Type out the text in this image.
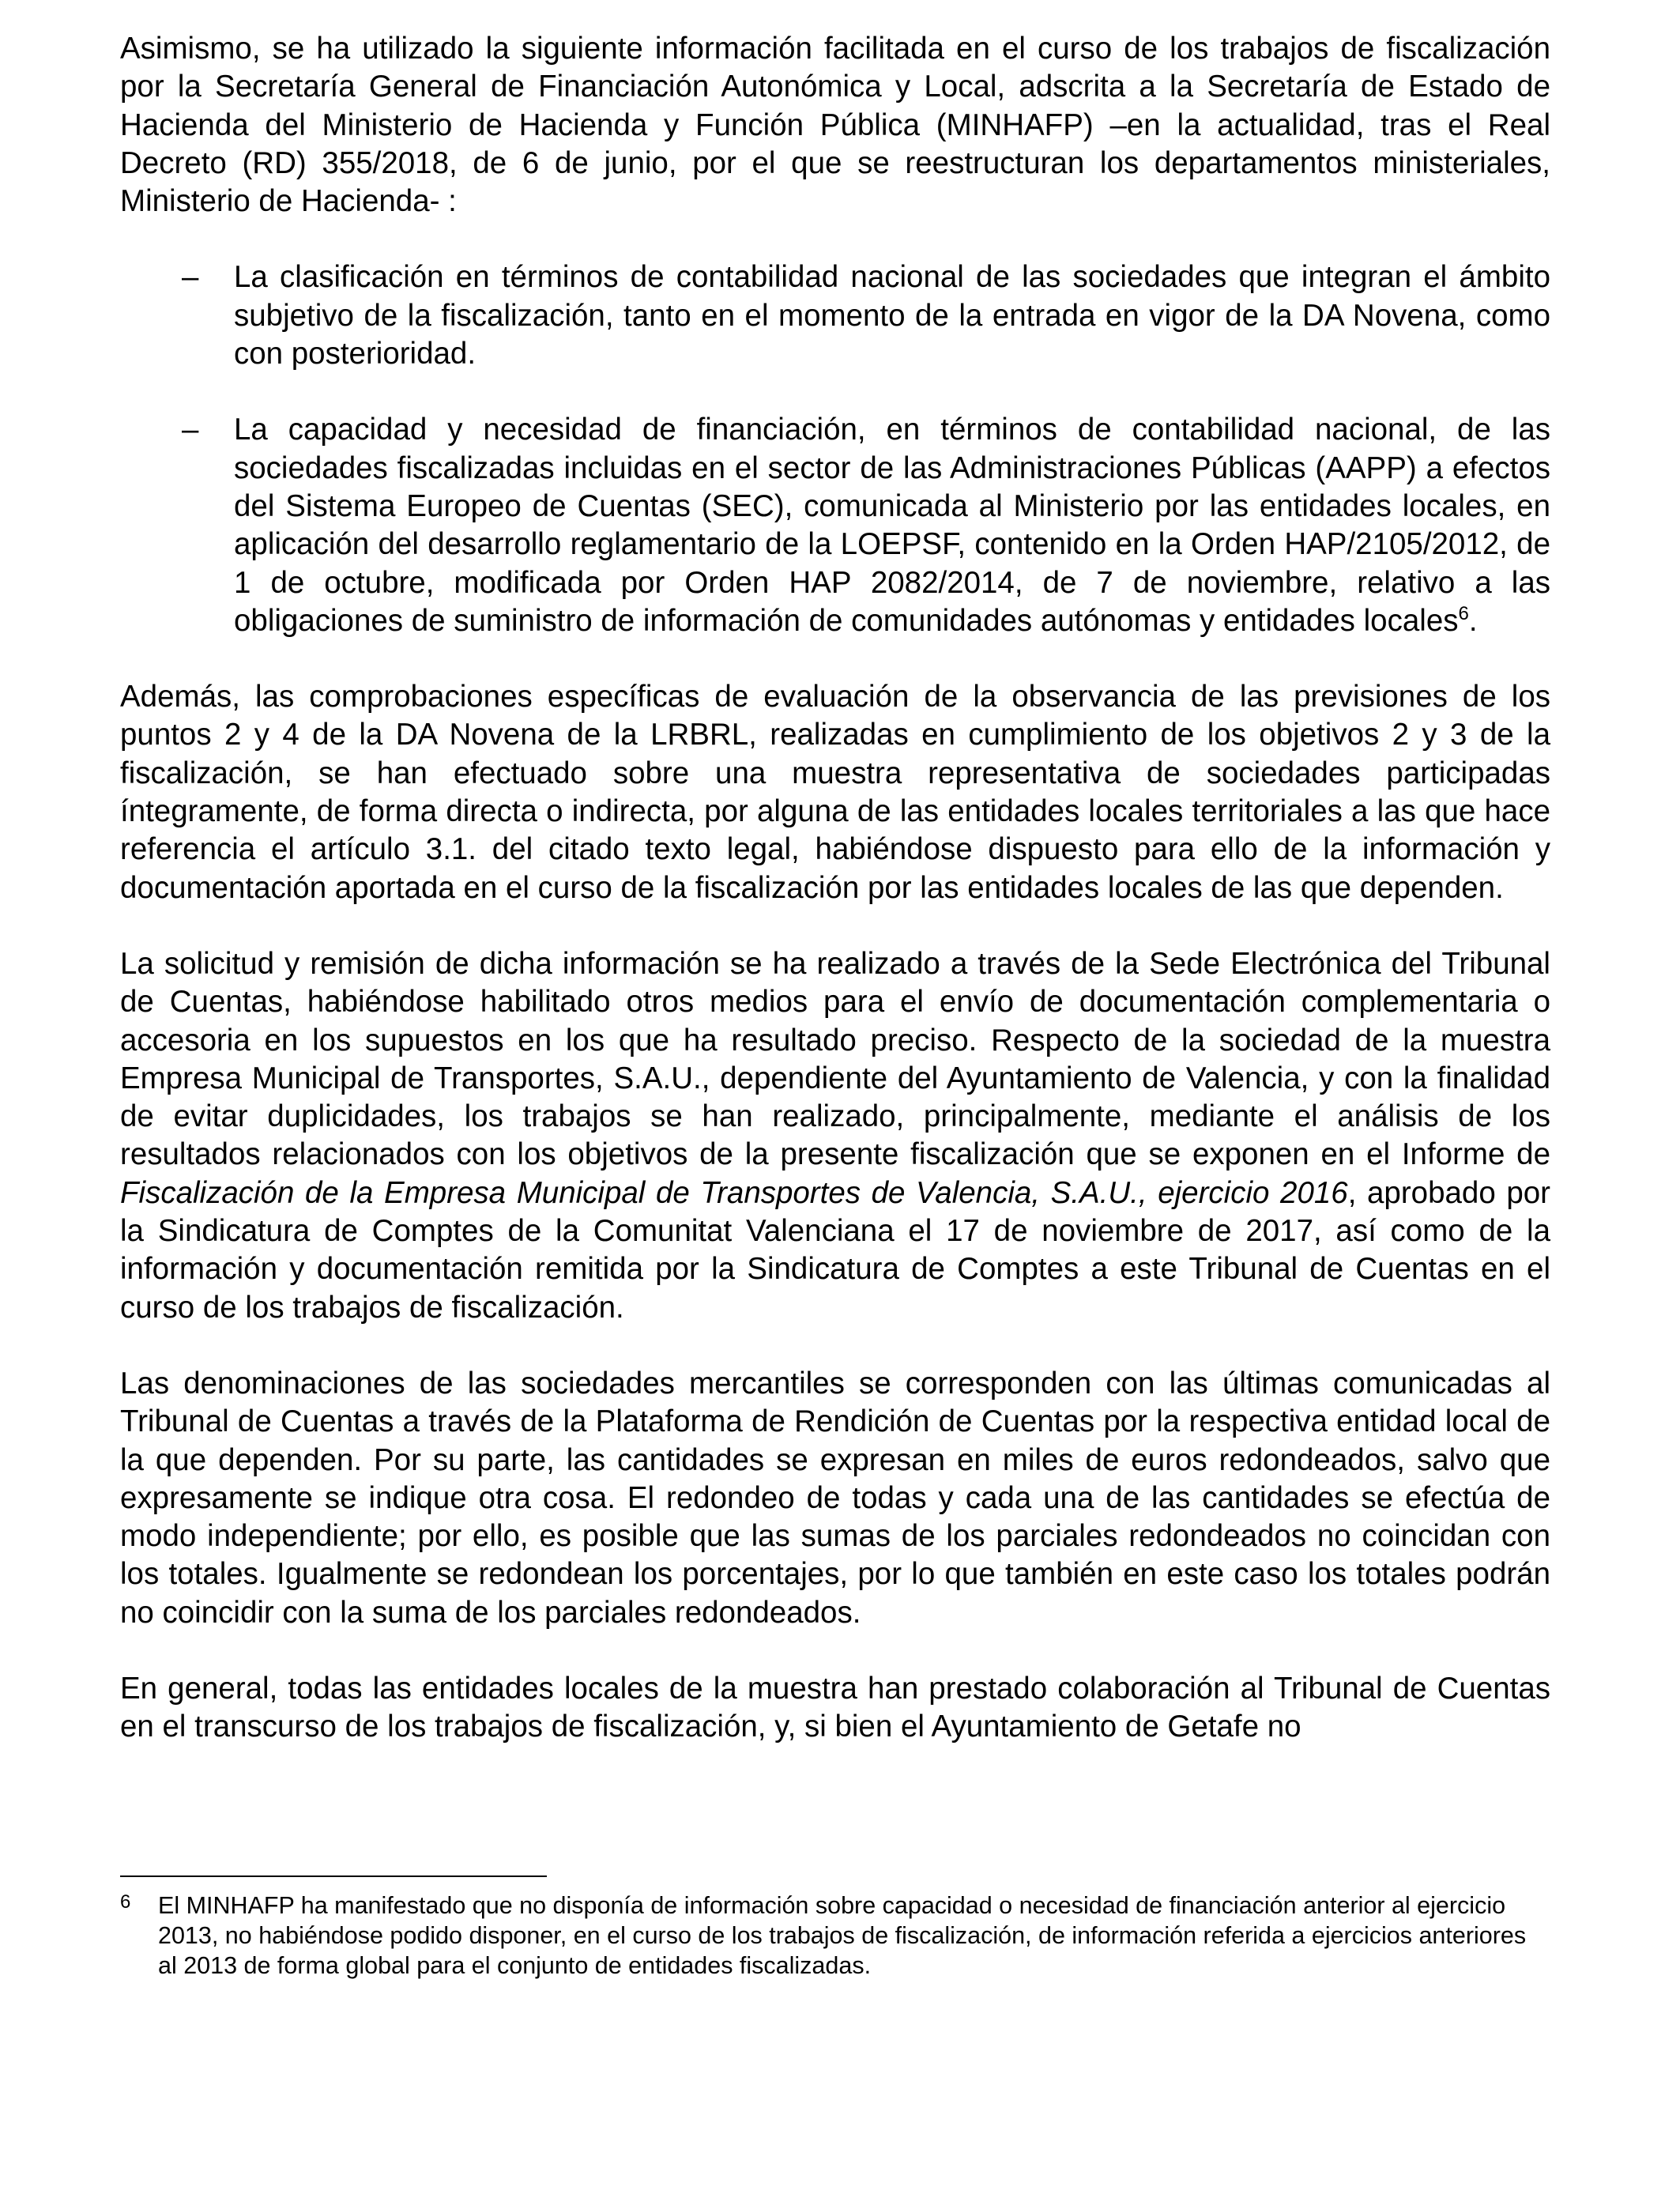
Asimismo, se ha utilizado la siguiente información facilitada en el curso de los trabajos de fiscalización por la Secretaría General de Financiación Autonómica y Local, adscrita a la Secretaría de Estado de Hacienda del Ministerio de Hacienda y Función Pública (MINHAFP) –en la actualidad, tras el Real Decreto (RD) 355/2018, de 6 de junio, por el que se reestructuran los departamentos ministeriales, Ministerio de Hacienda- :

– La clasificación en términos de contabilidad nacional de las sociedades que integran el ámbito subjetivo de la fiscalización, tanto en el momento de la entrada en vigor de la DA Novena, como con posterioridad.
– La capacidad y necesidad de financiación, en términos de contabilidad nacional, de las sociedades fiscalizadas incluidas en el sector de las Administraciones Públicas (AAPP) a efectos del Sistema Europeo de Cuentas (SEC), comunicada al Ministerio por las entidades locales, en aplicación del desarrollo reglamentario de la LOEPSF, contenido en la Orden HAP/2105/2012, de 1 de octubre, modificada por Orden HAP 2082/2014, de 7 de noviembre, relativo a las obligaciones de suministro de información de comunidades autónomas y entidades locales$^6$.

Además, las comprobaciones específicas de evaluación de la observancia de las previsiones de los puntos 2 y 4 de la DA Novena de la LRBRL, realizadas en cumplimiento de los objetivos 2 y 3 de la fiscalización, se han efectuado sobre una muestra representativa de sociedades participadas íntegramente, de forma directa o indirecta, por alguna de las entidades locales territoriales a las que hace referencia el artículo 3.1. del citado texto legal, habiéndose dispuesto para ello de la información y documentación aportada en el curso de la fiscalización por las entidades locales de las que dependen.

La solicitud y remisión de dicha información se ha realizado a través de la Sede Electrónica del Tribunal de Cuentas, habiéndose habilitado otros medios para el envío de documentación complementaria o accesoria en los supuestos en los que ha resultado preciso. Respecto de la sociedad de la muestra Empresa Municipal de Transportes, S.A.U., dependiente del Ayuntamiento de Valencia, y con la finalidad de evitar duplicidades, los trabajos se han realizado, principalmente, mediante el análisis de los resultados relacionados con los objetivos de la presente fiscalización que se exponen en el Informe de Fiscalización de la Empresa Municipal de Transportes de Valencia, S.A.U., ejercicio 2016, aprobado por la Sindicatura de Comptes de la Comunitat Valenciana el 17 de noviembre de 2017, así como de la información y documentación remitida por la Sindicatura de Comptes a este Tribunal de Cuentas en el curso de los trabajos de fiscalización.

Las denominaciones de las sociedades mercantiles se corresponden con las últimas comunicadas al Tribunal de Cuentas a través de la Plataforma de Rendición de Cuentas por la respectiva entidad local de la que dependen. Por su parte, las cantidades se expresan en miles de euros redondeados, salvo que expresamente se indique otra cosa. El redondeo de todas y cada una de las cantidades se efectúa de modo independiente; por ello, es posible que las sumas de los parciales redondeados no coincidan con los totales. Igualmente se redondean los porcentajes, por lo que también en este caso los totales podrán no coincidir con la suma de los parciales redondeados.

En general, todas las entidades locales de la muestra han prestado colaboración al Tribunal de Cuentas en el transcurso de los trabajos de fiscalización, y, si bien el Ayuntamiento de Getafe no

6 El MINHAFP ha manifestado que no disponía de información sobre capacidad o necesidad de financiación anterior al ejercicio 2013, no habiéndose podido disponer, en el curso de los trabajos de fiscalización, de información referida a ejercicios anteriores al 2013 de forma global para el conjunto de entidades fiscalizadas.
